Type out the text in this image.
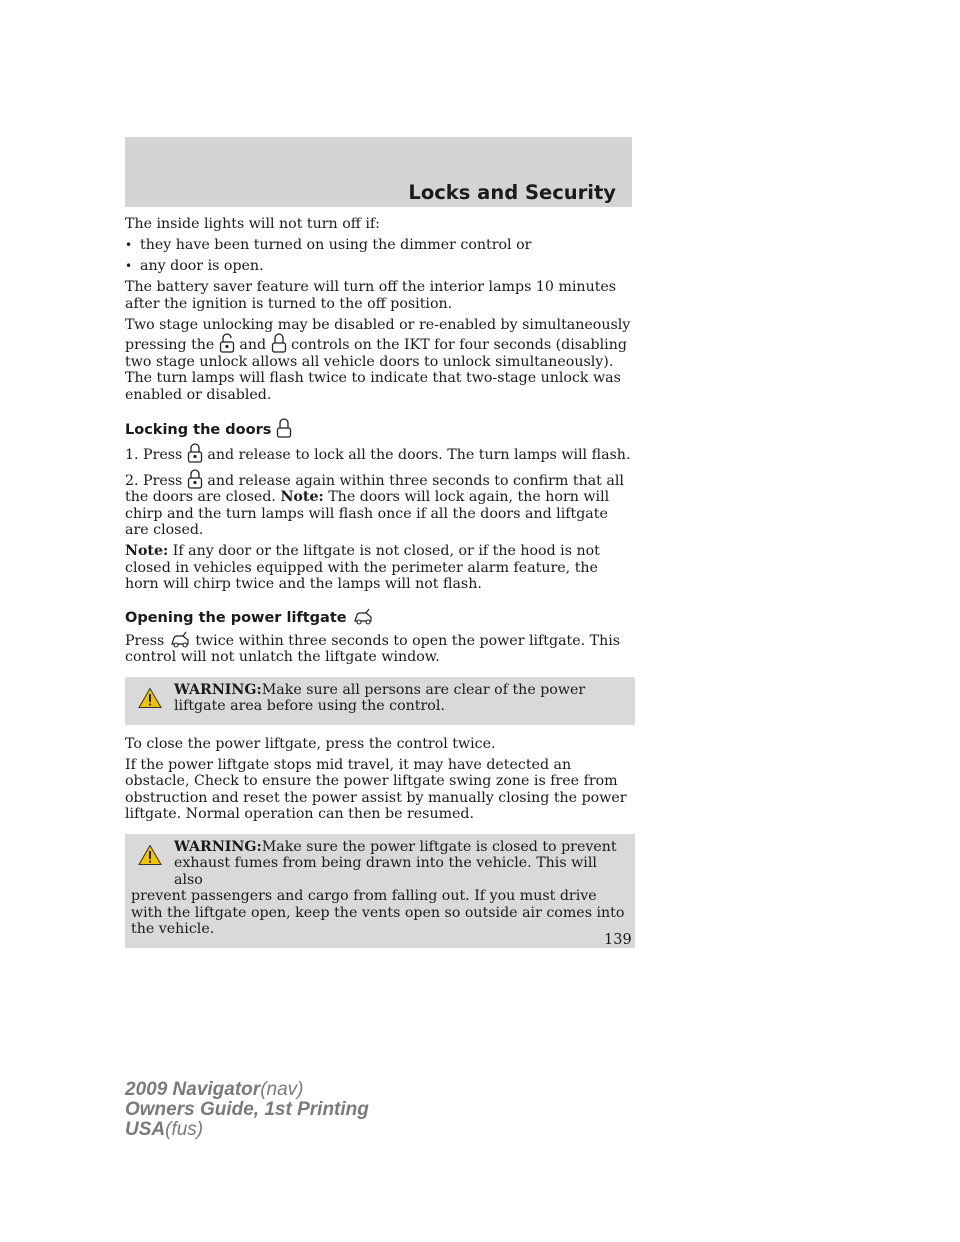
Locks and Security

The inside lights will not turn off if:

• they have been turned on using the dimmer control or
• any door is open.

The battery saver feature will turn off the interior lamps 10 minutes after the ignition is turned to the off position.

Two stage unlocking may be disabled or re-enabled by simultaneously
pressing the and controls on the IKT for four seconds (disabling two stage unlock allows all vehicle doors to unlock simultaneously). The turn lamps will flash twice to indicate that two-stage unlock was enabled or disabled.

Locking the doors

1. Press and release to lock all the doors. The turn lamps will flash.

2. Press and release again within three seconds to confirm that all the doors are closed. Note: The doors will lock again, the horn will chirp and the turn lamps will flash once if all the doors and liftgate are closed.

Note: If any door or the liftgate is not closed, or if the hood is not closed in vehicles equipped with the perimeter alarm feature, the horn will chirp twice and the lamps will not flash.

Opening the power liftgate

Press twice within three seconds to open the power liftgate. This control will not unlatch the liftgate window.

WARNING:Make sure all persons are clear of the power liftgate area before using the control.

To close the power liftgate, press the control twice.

If the power liftgate stops mid travel, it may have detected an obstacle, Check to ensure the power liftgate swing zone is free from obstruction and reset the power assist by manually closing the power liftgate. Normal operation can then be resumed.

WARNING:Make sure the power liftgate is closed to prevent
exhaust fumes from being drawn into the vehicle. This will also
prevent passengers and cargo from falling out. If you must drive with the liftgate open, keep the vents open so outside air comes into the vehicle.
139
2009 Navigator(nav)
Owners Guide, 1st Printing
USA(fus)
